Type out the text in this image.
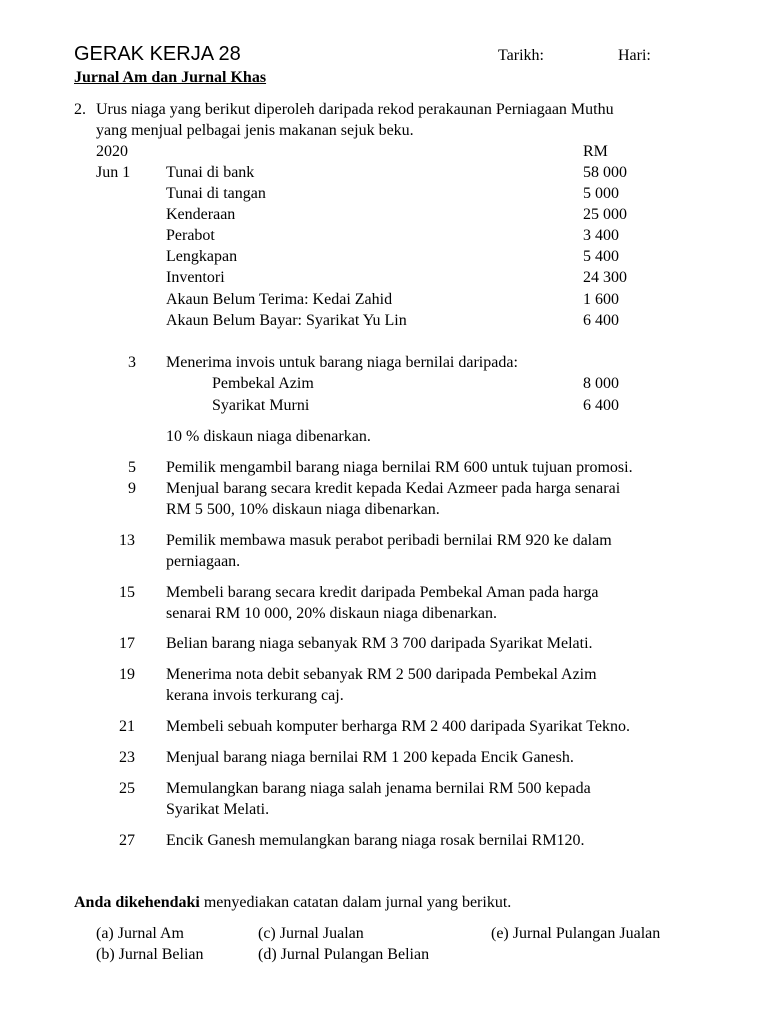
GERAK KERJA 28	Tarikh:	Hari:
Jurnal Am dan Jurnal Khas
2. Urus niaga yang berikut diperoleh daripada rekod perakaunan Perniagaan Muthu
yang menjual pelbagai jenis makanan sejuk beku.
2020	RM
Jun 1 Tunai di bank	58 000
Tunai di tangan	5 000
Kenderaan	25 000
Perabot	3 400
Lengkapan	5 400
Inventori	24 300
Akaun Belum Terima: Kedai Zahid	1 600
Akaun Belum Bayar: Syarikat Yu Lin	6 400
3 Menerima invois untuk barang niaga bernilai daripada:
Pembekal Azim	8 000
Syarikat Murni	6 400
10 % diskaun niaga dibenarkan.
5 Pemilik mengambil barang niaga bernilai RM 600 untuk tujuan promosi.
9 Menjual barang secara kredit kepada Kedai Azmeer pada harga senarai
RM 5 500, 10% diskaun niaga dibenarkan.
13 Pemilik membawa masuk perabot peribadi bernilai RM 920 ke dalam
perniagaan.
15 Membeli barang secara kredit daripada Pembekal Aman pada harga
senarai RM 10 000, 20% diskaun niaga dibenarkan.
17 Belian barang niaga sebanyak RM 3 700 daripada Syarikat Melati.
19 Menerima nota debit sebanyak RM 2 500 daripada Pembekal Azim
kerana invois terkurang caj.
21 Membeli sebuah komputer berharga RM 2 400 daripada Syarikat Tekno.
23 Menjual barang niaga bernilai RM 1 200 kepada Encik Ganesh.
25 Memulangkan barang niaga salah jenama bernilai RM 500 kepada
Syarikat Melati.
27 Encik Ganesh memulangkan barang niaga rosak bernilai RM120.
Anda dikehendaki menyediakan catatan dalam jurnal yang berikut.
(a) Jurnal Am	(c) Jurnal Jualan	(e) Jurnal Pulangan Jualan
(b) Jurnal Belian	(d) Jurnal Pulangan Belian
